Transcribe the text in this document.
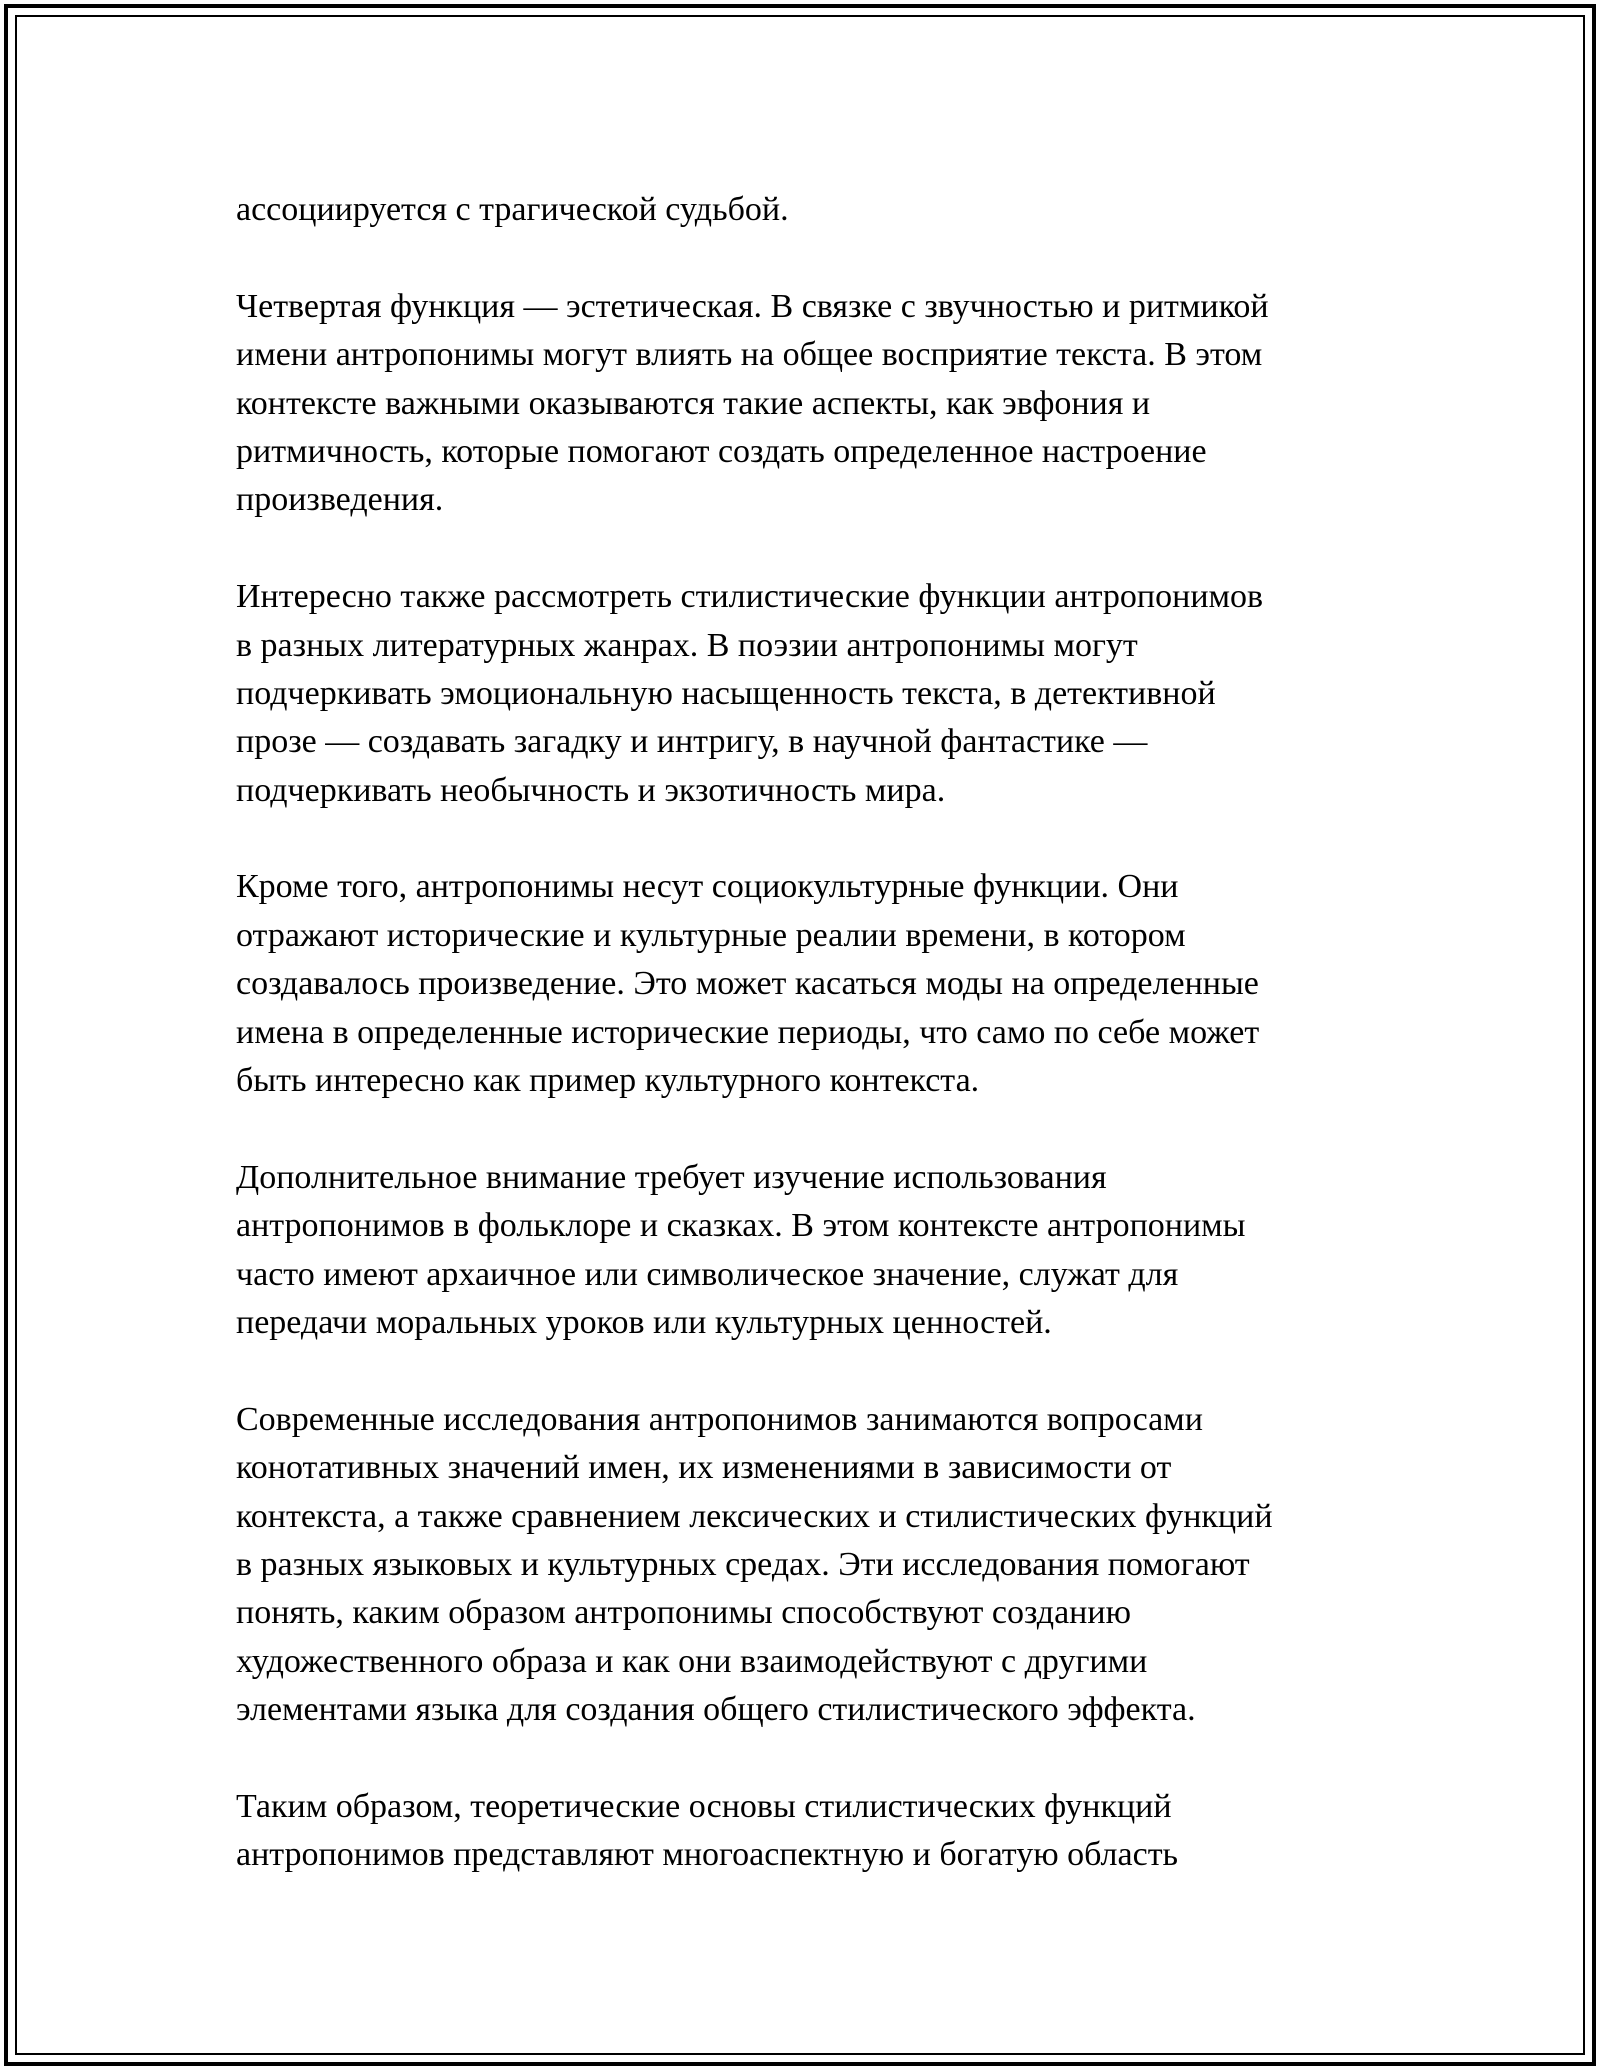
ассоциируется с трагической судьбой.
Четвертая функция — эстетическая. В связке с звучностью и ритмикой
имени антропонимы могут влиять на общее восприятие текста. В этом
контексте важными оказываются такие аспекты, как эвфония и
ритмичность, которые помогают создать определенное настроение
произведения.
Интересно также рассмотреть стилистические функции антропонимов
в разных литературных жанрах. В поэзии антропонимы могут
подчеркивать эмоциональную насыщенность текста, в детективной
прозе — создавать загадку и интригу, в научной фантастике —
подчеркивать необычность и экзотичность мира.
Кроме того, антропонимы несут социокультурные функции. Они
отражают исторические и культурные реалии времени, в котором
создавалось произведение. Это может касаться моды на определенные
имена в определенные исторические периоды, что само по себе может
быть интересно как пример культурного контекста.
Дополнительное внимание требует изучение использования
антропонимов в фольклоре и сказках. В этом контексте антропонимы
часто имеют архаичное или символическое значение, служат для
передачи моральных уроков или культурных ценностей.
Современные исследования антропонимов занимаются вопросами
конотативных значений имен, их изменениями в зависимости от
контекста, а также сравнением лексических и стилистических функций
в разных языковых и культурных средах. Эти исследования помогают
понять, каким образом антропонимы способствуют созданию
художественного образа и как они взаимодействуют с другими
элементами языка для создания общего стилистического эффекта.
Таким образом, теоретические основы стилистических функций
антропонимов представляют многоаспектную и богатую область
